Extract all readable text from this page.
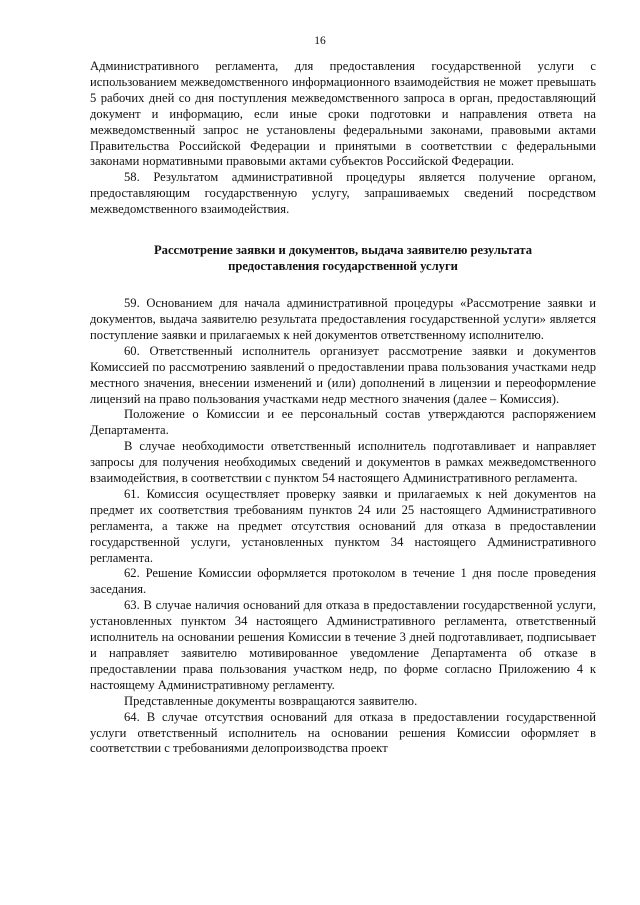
16

Административного регламента, для предоставления государственной услуги с использованием межведомственного информационного взаимодействия не может превышать 5 рабочих дней со дня поступления межведомственного запроса в орган, предоставляющий документ и информацию, если иные сроки подготовки и направления ответа на межведомственный запрос не установлены федеральными законами, правовыми актами Правительства Российской Федерации и принятыми в соответствии с федеральными законами нормативными правовыми актами субъектов Российской Федерации.

58. Результатом административной процедуры является получение органом, предоставляющим государственную услугу, запрашиваемых сведений посредством межведомственного взаимодействия.

Рассмотрение заявки и документов, выдача заявителю результата
предоставления государственной услуги

59. Основанием для начала административной процедуры «Рассмотрение заявки и документов, выдача заявителю результата предоставления государственной услуги» является поступление заявки и прилагаемых к ней документов ответственному исполнителю.

60. Ответственный исполнитель организует рассмотрение заявки и документов Комиссией по рассмотрению заявлений о предоставлении права пользования участками недр местного значения, внесении изменений и (или) дополнений в лицензии и переоформление лицензий на право пользования участками недр местного значения (далее – Комиссия).

Положение о Комиссии и ее персональный состав утверждаются распоряжением Департамента.

В случае необходимости ответственный исполнитель подготавливает и направляет запросы для получения необходимых сведений и документов в рамках межведомственного взаимодействия, в соответствии с пунктом 54 настоящего Административного регламента.

61. Комиссия осуществляет проверку заявки и прилагаемых к ней документов на предмет их соответствия требованиям пунктов 24 или 25 настоящего Административного регламента, а также на предмет отсутствия оснований для отказа в предоставлении государственной услуги, установленных пунктом 34 настоящего Административного регламента.

62. Решение Комиссии оформляется протоколом в течение 1 дня после проведения заседания.

63. В случае наличия оснований для отказа в предоставлении государственной услуги, установленных пунктом 34 настоящего Административного регламента, ответственный исполнитель на основании решения Комиссии в течение 3 дней подготавливает, подписывает и направляет заявителю мотивированное уведомление Департамента об отказе в предоставлении права пользования участком недр, по форме согласно Приложению 4 к настоящему Административному регламенту.

Представленные документы возвращаются заявителю.

64. В случае отсутствия оснований для отказа в предоставлении государственной услуги ответственный исполнитель на основании решения Комиссии оформляет в соответствии с требованиями делопроизводства проект
